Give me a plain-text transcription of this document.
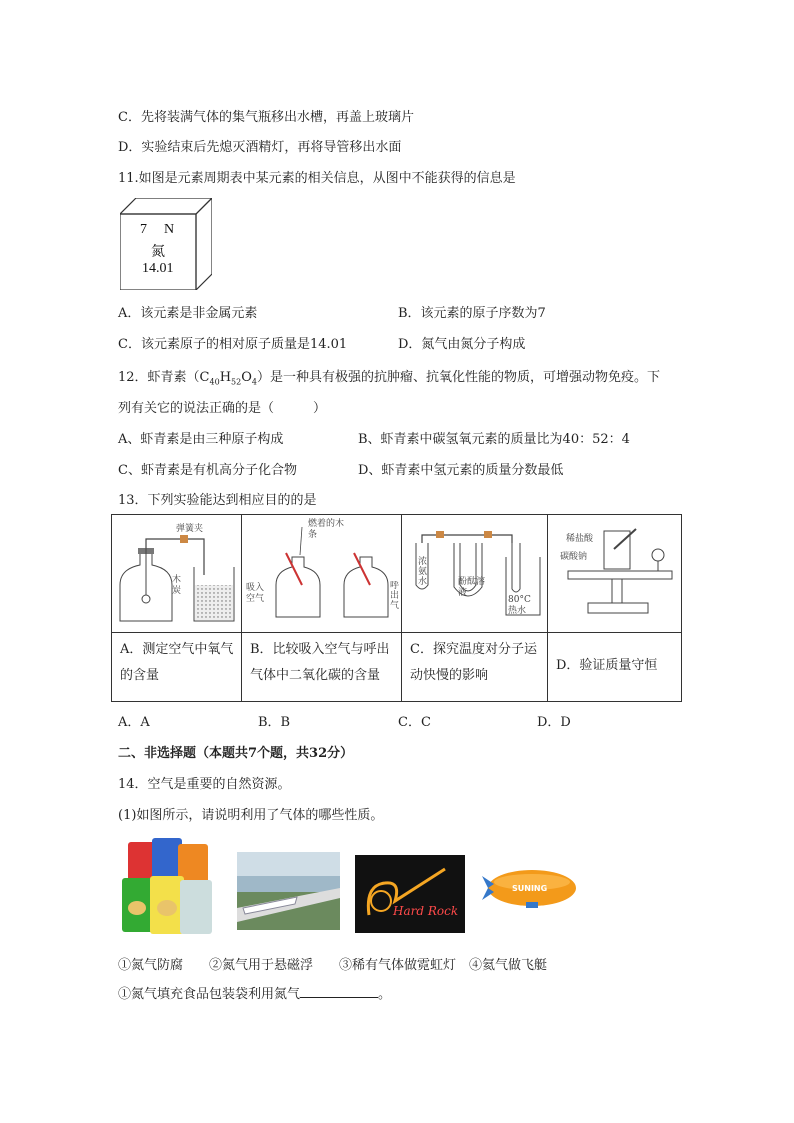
C．先将装满气体的集气瓶移出水槽，再盖上玻璃片
D．实验结束后先熄灭酒精灯，再将导管移出水面
11.如图是元素周期表中某元素的相关信息，从图中不能获得的信息是
7 N
氮
14.01
A．该元素是非金属元素	B．该元素的原子序数为7
C．该元素原子的相对原子质量是14.01	D．氮气由氮分子构成
12．虾青素$(C_{40}H_{52}O_4)$是一种具有极强的抗肿瘤、抗氧化性能的物质，可增强动物免疫。下
列有关它的说法正确的是（　　　）
A、虾青素是由三种原子构成	B、虾青素中碳氢氧元素的质量比为40：52：4
C、虾青素是有机高分子化合物	D、虾青素中氢元素的质量分数最低
13．下列实验能达到相应目的的是
弹簧夹
木炭
A．测定空气中氧气的含量
燃着的木条
吸入空气
呼出气
B．比较吸入空气与呼出气体中二氧化碳的含量
浓氨水	酚酞溶液
80°C热水
C．探究温度对分子运动快慢的影响
稀盐酸
碳酸钠
D．验证质量守恒
A．A	B．B	C．C	D．D
二、非选择题（本题共7个题，共32分）
14．空气是重要的自然资源。
(1)如图所示，请说明利用了气体的哪些性质。
Hard Rock
SUNING
①氮气防腐　　②氮气用于悬磁浮　　③稀有气体做霓虹灯　④氦气做飞艇
①氮气填充食品包装袋利用氮气	。
